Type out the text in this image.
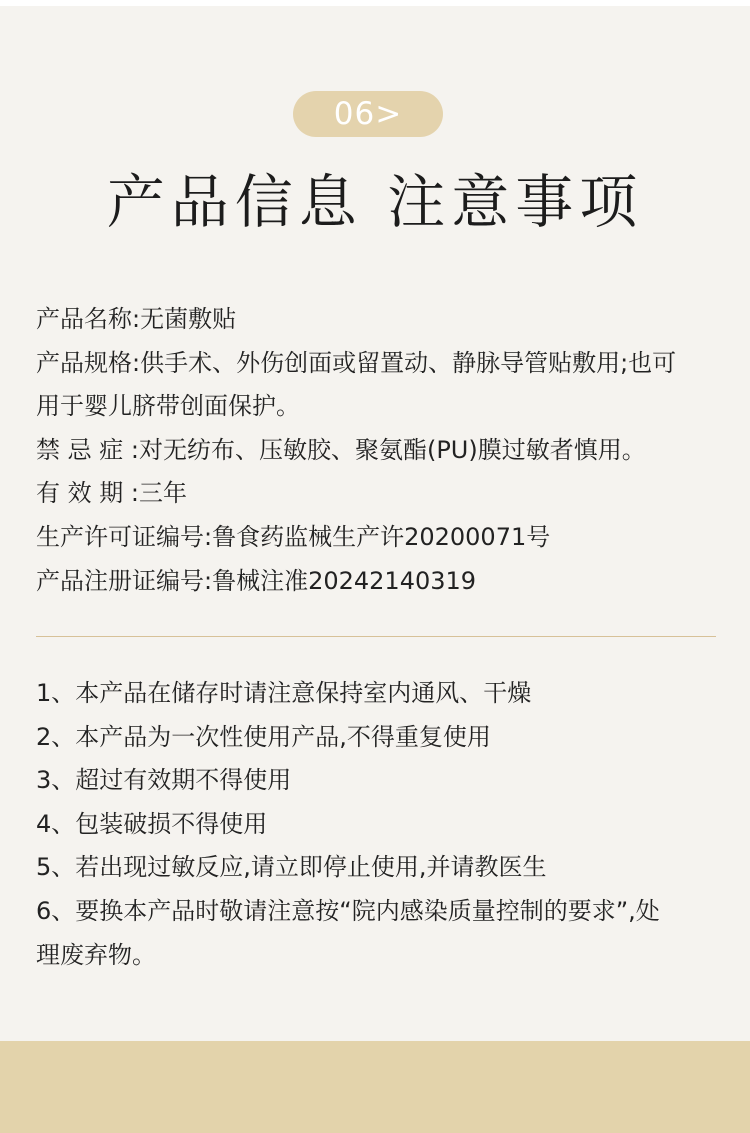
06>
产品信息 注意事项
产品名称:无菌敷贴
产品规格:供手术、外伤创面或留置动、静脉导管贴敷用;也可
用于婴儿脐带创面保护。
禁 忌 症 :对无纺布、压敏胶、聚氨酯(PU)膜过敏者慎用。
有 效 期 :三年
生产许可证编号:鲁食药监械生产许20200071号
产品注册证编号:鲁械注准20242140319
1、本产品在储存时请注意保持室内通风、干燥
2、本产品为一次性使用产品,不得重复使用
3、超过有效期不得使用
4、包装破损不得使用
5、若出现过敏反应,请立即停止使用,并请教医生
6、要换本产品时敬请注意按“院内感染质量控制的要求”,处
理废弃物。
